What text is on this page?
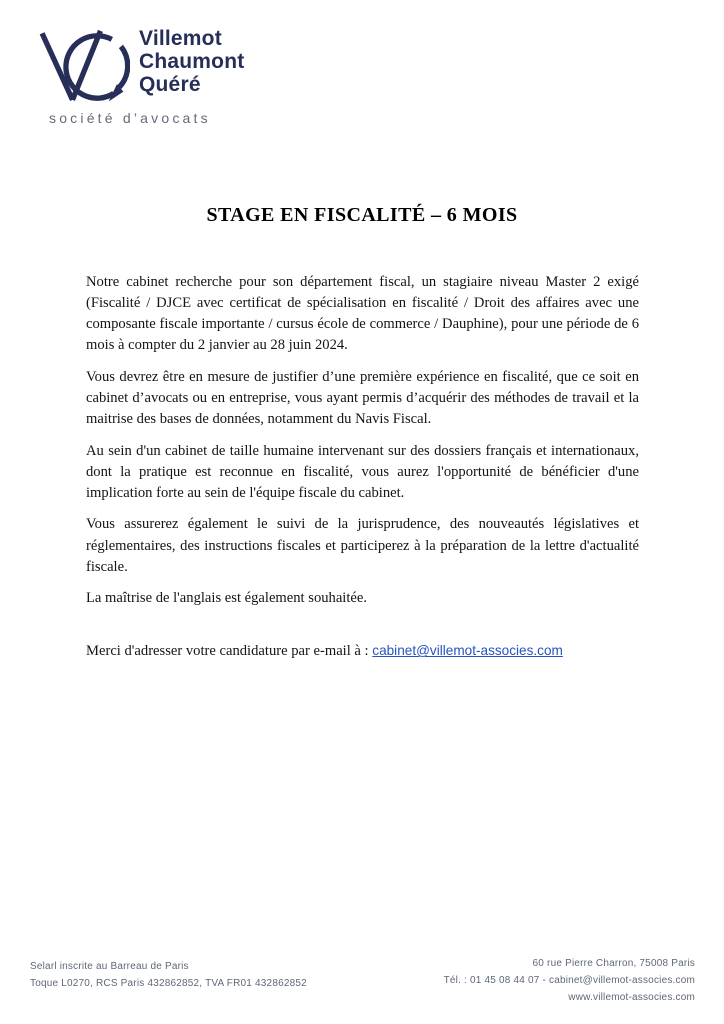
Villemot
Chaumont
Quéré
société d’avocats
STAGE EN FISCALITÉ – 6 MOIS

Notre cabinet recherche pour son département fiscal, un stagiaire niveau Master 2 exigé (Fiscalité / DJCE avec certificat de spécialisation en fiscalité / Droit des affaires avec une composante fiscale importante / cursus école de commerce / Dauphine), pour une période de 6 mois à compter du 2 janvier au 28 juin 2024.

Vous devrez être en mesure de justifier d’une première expérience en fiscalité, que ce soit en cabinet d’avocats ou en entreprise, vous ayant permis d’acquérir des méthodes de travail et la maitrise des bases de données, notamment du Navis Fiscal.

Au sein d'un cabinet de taille humaine intervenant sur des dossiers français et internationaux, dont la pratique est reconnue en fiscalité, vous aurez l'opportunité de bénéficier d'une implication forte au sein de l'équipe fiscale du cabinet.

Vous assurerez également le suivi de la jurisprudence, des nouveautés législatives et réglementaires, des instructions fiscales et participerez à la préparation de la lettre d'actualité fiscale.

La maîtrise de l'anglais est également souhaitée.

Merci d'adresser votre candidature par e-mail à : cabinet@villemot-associes.com

Selarl inscrite au Barreau de Paris
Toque L0270, RCS Paris 432862852, TVA FR01 432862852
60 rue Pierre Charron, 75008 Paris
Tél. : 01 45 08 44 07 - cabinet@villemot-associes.com
www.villemot-associes.com
